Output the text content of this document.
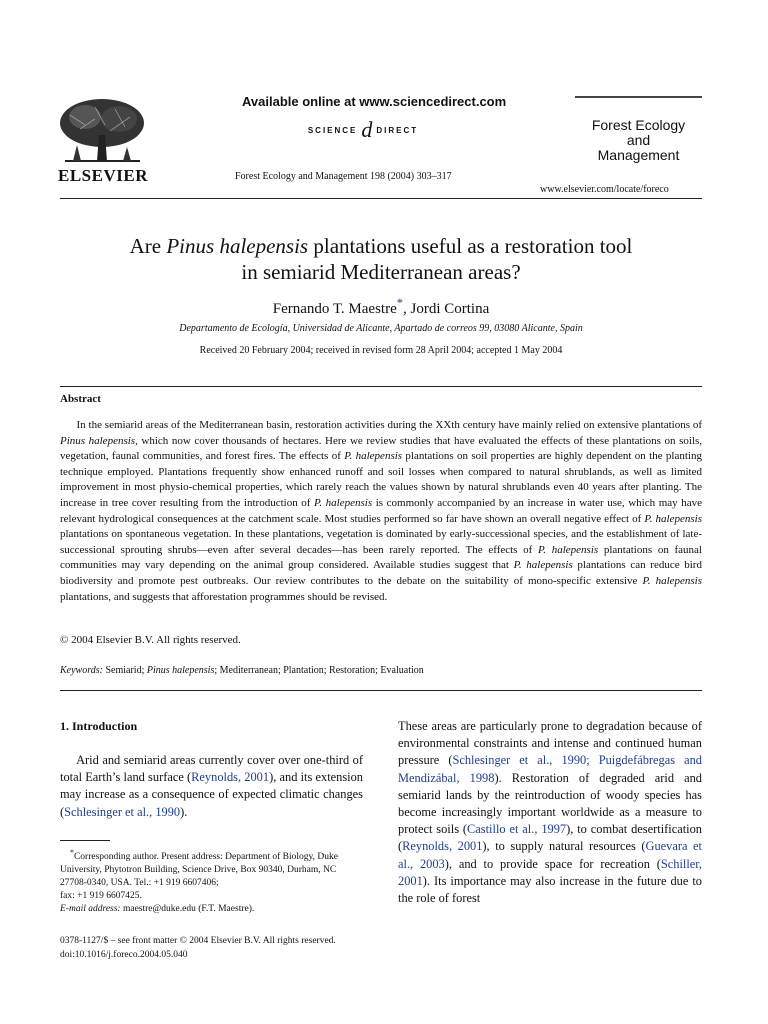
ELSEVIER
Available online at www.sciencedirect.com
SCIENCE d DIRECT
Forest Ecology and Management 198 (2004) 303–317
Forest Ecology
and
Management
www.elsevier.com/locate/foreco
Are Pinus halepensis plantations useful as a restoration tool
in semiarid Mediterranean areas?
Fernando T. Maestre*, Jordi Cortina
Departamento de Ecología, Universidad de Alicante, Apartado de correos 99, 03080 Alicante, Spain
Received 20 February 2004; received in revised form 28 April 2004; accepted 1 May 2004
Abstract

In the semiarid areas of the Mediterranean basin, restoration activities during the XXth century have mainly relied on extensive plantations of Pinus halepensis, which now cover thousands of hectares. Here we review studies that have evaluated the effects of these plantations on soils, vegetation, faunal communities, and forest fires. The effects of P. halepensis plantations on soil properties are highly dependent on the planting technique employed. Plantations frequently show enhanced runoff and soil losses when compared to natural shrublands, as well as limited improvement in most physio-chemical properties, which rarely reach the values shown by natural shrublands even 40 years after planting. The increase in tree cover resulting from the introduction of P. halepensis is commonly accompanied by an increase in water use, which may have relevant hydrological consequences at the catchment scale. Most studies performed so far have shown an overall negative effect of P. halepensis plantations on spontaneous vegetation. In these plantations, vegetation is dominated by early-successional species, and the establishment of late-successional sprouting shrubs—even after several decades—has been rarely reported. The effects of P. halepensis plantations on faunal communities may vary depending on the animal group considered. Available studies suggest that P. halepensis plantations can reduce bird biodiversity and promote pest outbreaks. Our review contributes to the debate on the suitability of mono-specific extensive P. halepensis plantations, and suggests that afforestation programmes should be revised.

© 2004 Elsevier B.V. All rights reserved.
Keywords: Semiarid; Pinus halepensis; Mediterranean; Plantation; Restoration; Evaluation
1. Introduction

Arid and semiarid areas currently cover over one-third of total Earth’s land surface (Reynolds, 2001), and its extension may increase as a consequence of expected climatic changes (Schlesinger et al., 1990).

*Corresponding author. Present address: Department of Biology, Duke University, Phytotron Building, Science Drive, Box 90340, Durham, NC 27708-0340, USA. Tel.: +1 919 6607406;
fax: +1 919 6607425.
E-mail address: maestre@duke.edu (F.T. Maestre).

These areas are particularly prone to degradation because of environmental constraints and intense and continued human pressure (Schlesinger et al., 1990; Puigdefábregas and Mendizábal, 1998). Restoration of degraded arid and semiarid lands by the reintroduction of woody species has become increasingly important worldwide as a measure to protect soils (Castillo et al., 1997), to combat desertification (Reynolds, 2001), to supply natural resources (Guevara et al., 2003), and to provide space for recreation (Schiller, 2001). Its importance may also increase in the future due to the role of forest

0378-1127/$ – see front matter © 2004 Elsevier B.V. All rights reserved.
doi:10.1016/j.foreco.2004.05.040
